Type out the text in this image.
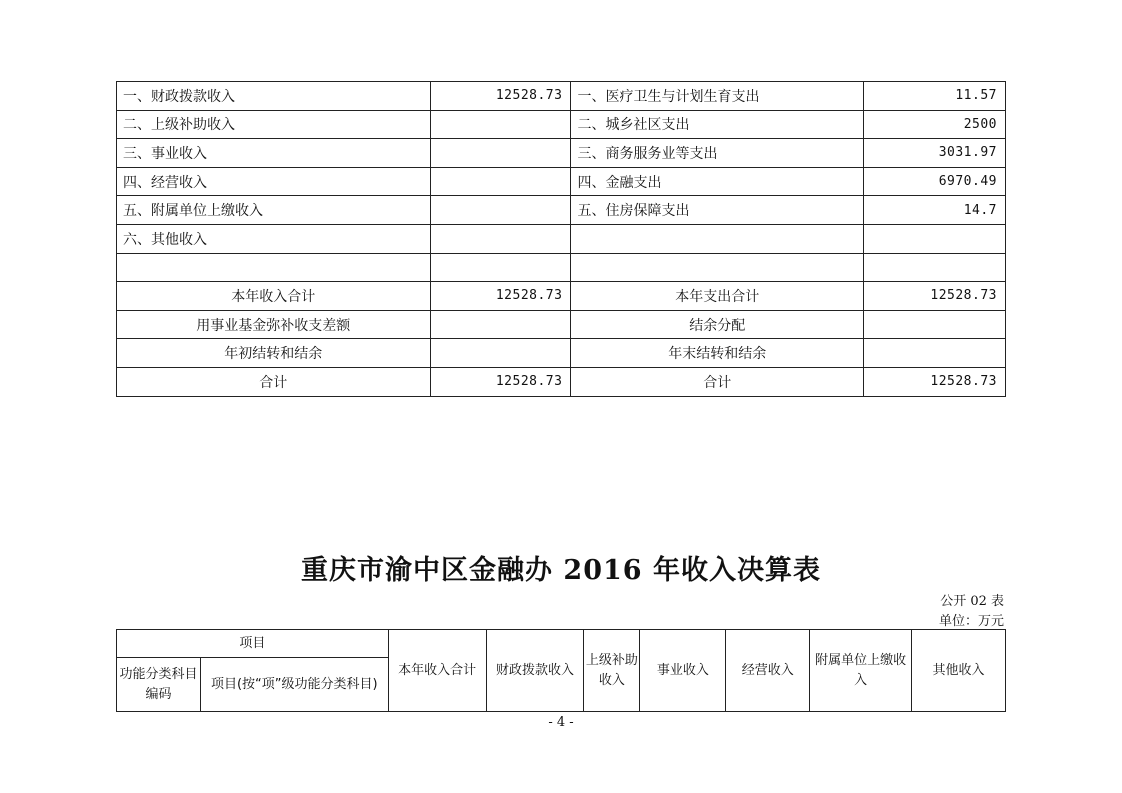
一、财政拨款收入	12528.73	一、医疗卫生与计划生育支出	11.57
二、上级补助收入		二、城乡社区支出	2500
三、事业收入		三、商务服务业等支出	3031.97
四、经营收入		四、金融支出	6970.49
五、附属单位上缴收入		五、住房保障支出	14.7
六、其他收入			

本年收入合计	12528.73	本年支出合计	12528.73
用事业基金弥补收支差额		结余分配	
年初结转和结余		年末结转和结余	
合计	12528.73	合计	12528.73
重庆市渝中区金融办 2016 年收入决算表
公开 02 表
单位：万元
项目		本年收入合计	财政拨款收入	上级补助收入	事业收入	经营收入	附属单位上缴收入	其他收入
功能分类科目编码	项目(按“项”级功能分类科目)							
- 4 -
